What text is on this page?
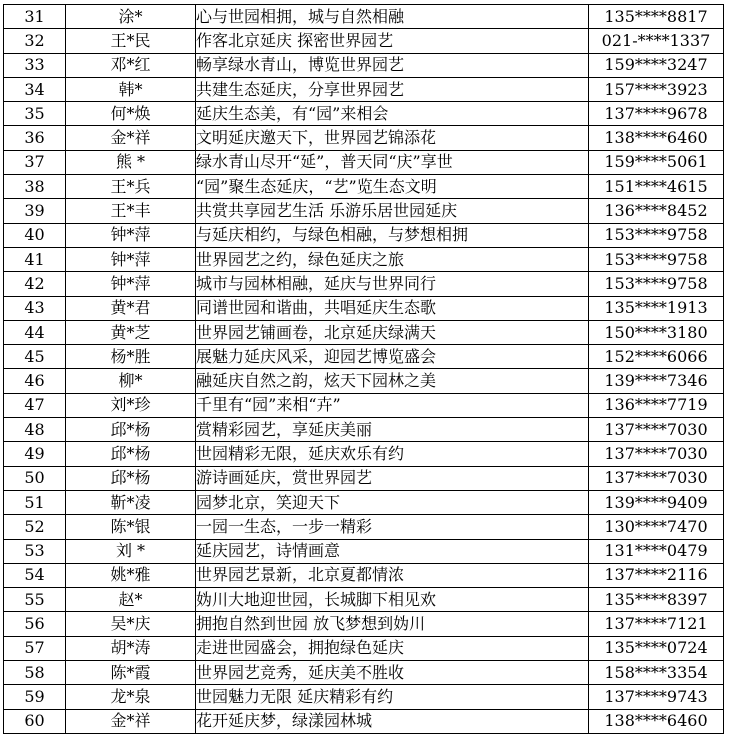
31	涂*	心与世园相拥，城与自然相融	135****8817
32	王*民	作客北京延庆 探密世界园艺	021-****1337
33	邓*红	畅享绿水青山，博览世界园艺	159****3247
34	韩*	共建生态延庆，分享世界园艺	157****3923
35	何*焕	延庆生态美，有“园”来相会	137****9678
36	金*祥	文明延庆邀天下，世界园艺锦添花	138****6460
37	熊 *	绿水青山尽开“延”，普天同“庆”享世	159****5061
38	王*兵	“园”聚生态延庆，“艺”览生态文明	151****4615
39	王*丰	共赏共享园艺生活 乐游乐居世园延庆	136****8452
40	钟*萍	与延庆相约，与绿色相融，与梦想相拥	153****9758
41	钟*萍	世界园艺之约，绿色延庆之旅	153****9758
42	钟*萍	城市与园林相融，延庆与世界同行	153****9758
43	黄*君	同谱世园和谐曲，共唱延庆生态歌	135****1913
44	黄*芝	世界园艺铺画卷，北京延庆绿满天	150****3180
45	杨*胜	展魅力延庆风采，迎园艺博览盛会	152****6066
46	柳*	融延庆自然之韵，炫天下园林之美	139****7346
47	刘*珍	千里有“园”来相“卉”	136****7719
48	邱*杨	赏精彩园艺，享延庆美丽	137****7030
49	邱*杨	世园精彩无限，延庆欢乐有约	137****7030
50	邱*杨	游诗画延庆，赏世界园艺	137****7030
51	靳*凌	园梦北京，笑迎天下	139****9409
52	陈*银	一园一生态，一步一精彩	130****7470
53	刘 *	延庆园艺，诗情画意	131****0479
54	姚*雅	世界园艺景新，北京夏都情浓	137****2116
55	赵*	妫川大地迎世园，长城脚下相见欢	135****8397
56	吴*庆	拥抱自然到世园 放飞梦想到妫川	137****7121
57	胡*涛	走进世园盛会，拥抱绿色延庆	135****0724
58	陈*霞	世界园艺竞秀，延庆美不胜收	158****3354
59	龙*泉	世园魅力无限 延庆精彩有约	137****9743
60	金*祥	花开延庆梦，绿漾园林城	138****6460
